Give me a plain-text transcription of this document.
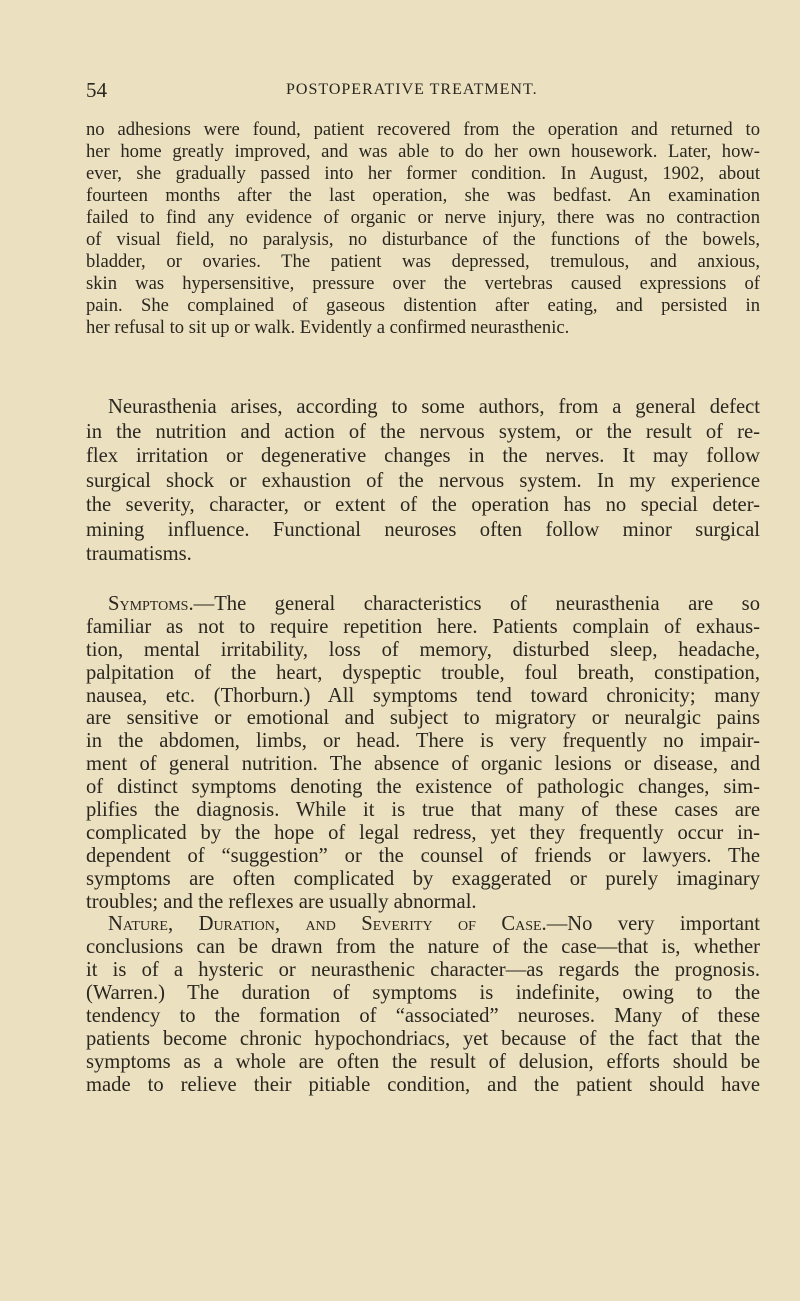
54	POSTOPERATIVE TREATMENT.
no adhesions were found, patient recovered from the operation and returned to
her home greatly improved, and was able to do her own housework. Later, how-
ever, she gradually passed into her former condition. In August, 1902, about
fourteen months after the last operation, she was bedfast. An examination
failed to find any evidence of organic or nerve injury, there was no contraction
of visual field, no paralysis, no disturbance of the functions of the bowels,
bladder, or ovaries. The patient was depressed, tremulous, and anxious,
skin was hypersensitive, pressure over the vertebras caused expressions of
pain. She complained of gaseous distention after eating, and persisted in
her refusal to sit up or walk. Evidently a confirmed neurasthenic.
Neurasthenia arises, according to some authors, from a general defect
in the nutrition and action of the nervous system, or the result of re-
flex irritation or degenerative changes in the nerves. It may follow
surgical shock or exhaustion of the nervous system. In my experience
the severity, character, or extent of the operation has no special deter-
mining influence. Functional neuroses often follow minor surgical
traumatisms.
Symptoms.—The general characteristics of neurasthenia are so
familiar as not to require repetition here. Patients complain of exhaus-
tion, mental irritability, loss of memory, disturbed sleep, headache,
palpitation of the heart, dyspeptic trouble, foul breath, constipation,
nausea, etc. (Thorburn.) All symptoms tend toward chronicity; many
are sensitive or emotional and subject to migratory or neuralgic pains
in the abdomen, limbs, or head. There is very frequently no impair-
ment of general nutrition. The absence of organic lesions or disease, and
of distinct symptoms denoting the existence of pathologic changes, sim-
plifies the diagnosis. While it is true that many of these cases are
complicated by the hope of legal redress, yet they frequently occur in-
dependent of “suggestion” or the counsel of friends or lawyers. The
symptoms are often complicated by exaggerated or purely imaginary
troubles; and the reflexes are usually abnormal.
Nature, Duration, and Severity of Case.—No very important
conclusions can be drawn from the nature of the case—that is, whether
it is of a hysteric or neurasthenic character—as regards the prognosis.
(Warren.) The duration of symptoms is indefinite, owing to the
tendency to the formation of “associated” neuroses. Many of these
patients become chronic hypochondriacs, yet because of the fact that the
symptoms as a whole are often the result of delusion, efforts should be
made to relieve their pitiable condition, and the patient should have
